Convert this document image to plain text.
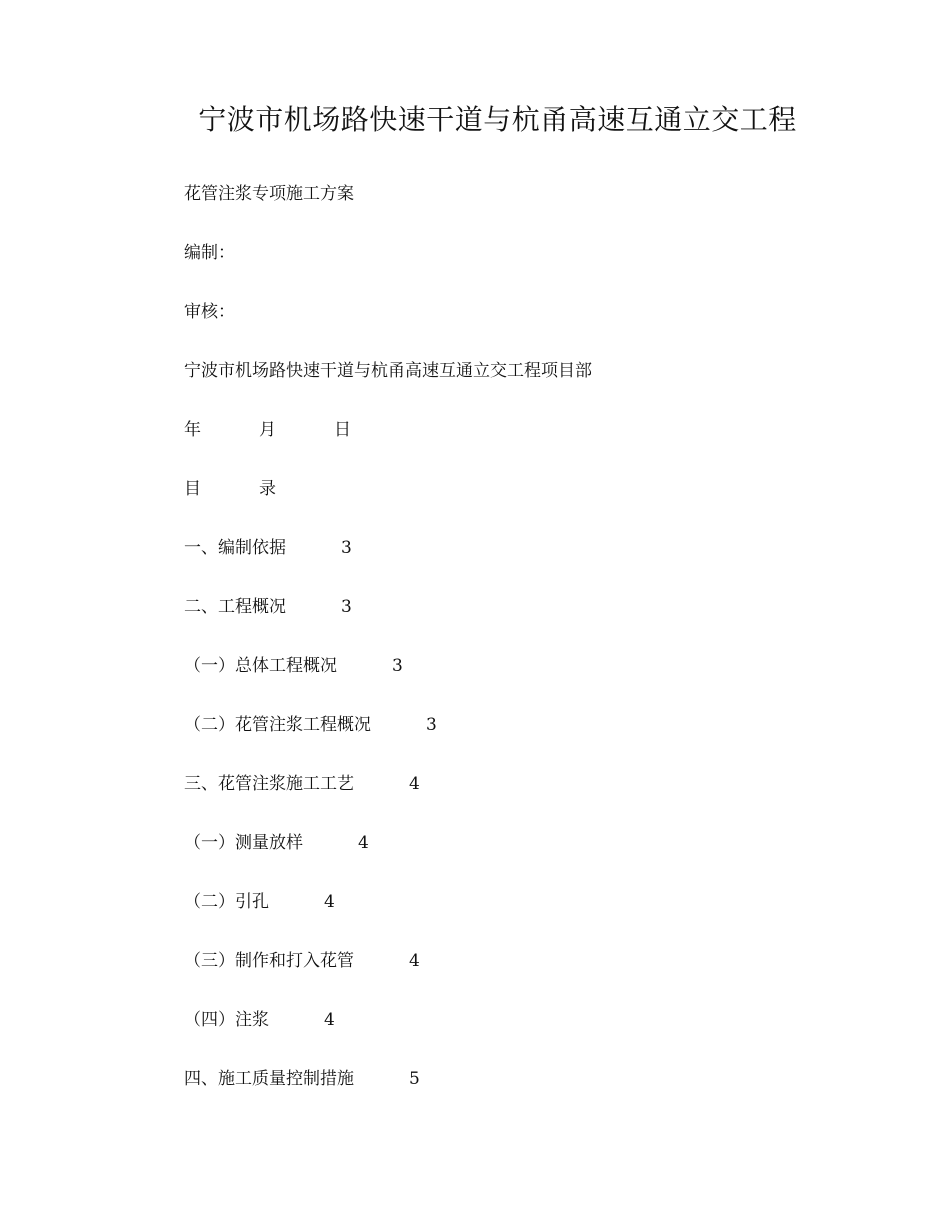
宁波市机场路快速干道与杭甬高速互通立交工程
花管注浆专项施工方案
编制：
审核：
宁波市机场路快速干道与杭甬高速互通立交工程项目部
年	月	日
目	录
一、编制依据	3
二、工程概况	3
（一）总体工程概况	3
（二）花管注浆工程概况	3
三、花管注浆施工工艺	4
（一）测量放样	4
（二）引孔	4
（三）制作和打入花管	4
（四）注浆	4
四、施工质量控制措施	5
